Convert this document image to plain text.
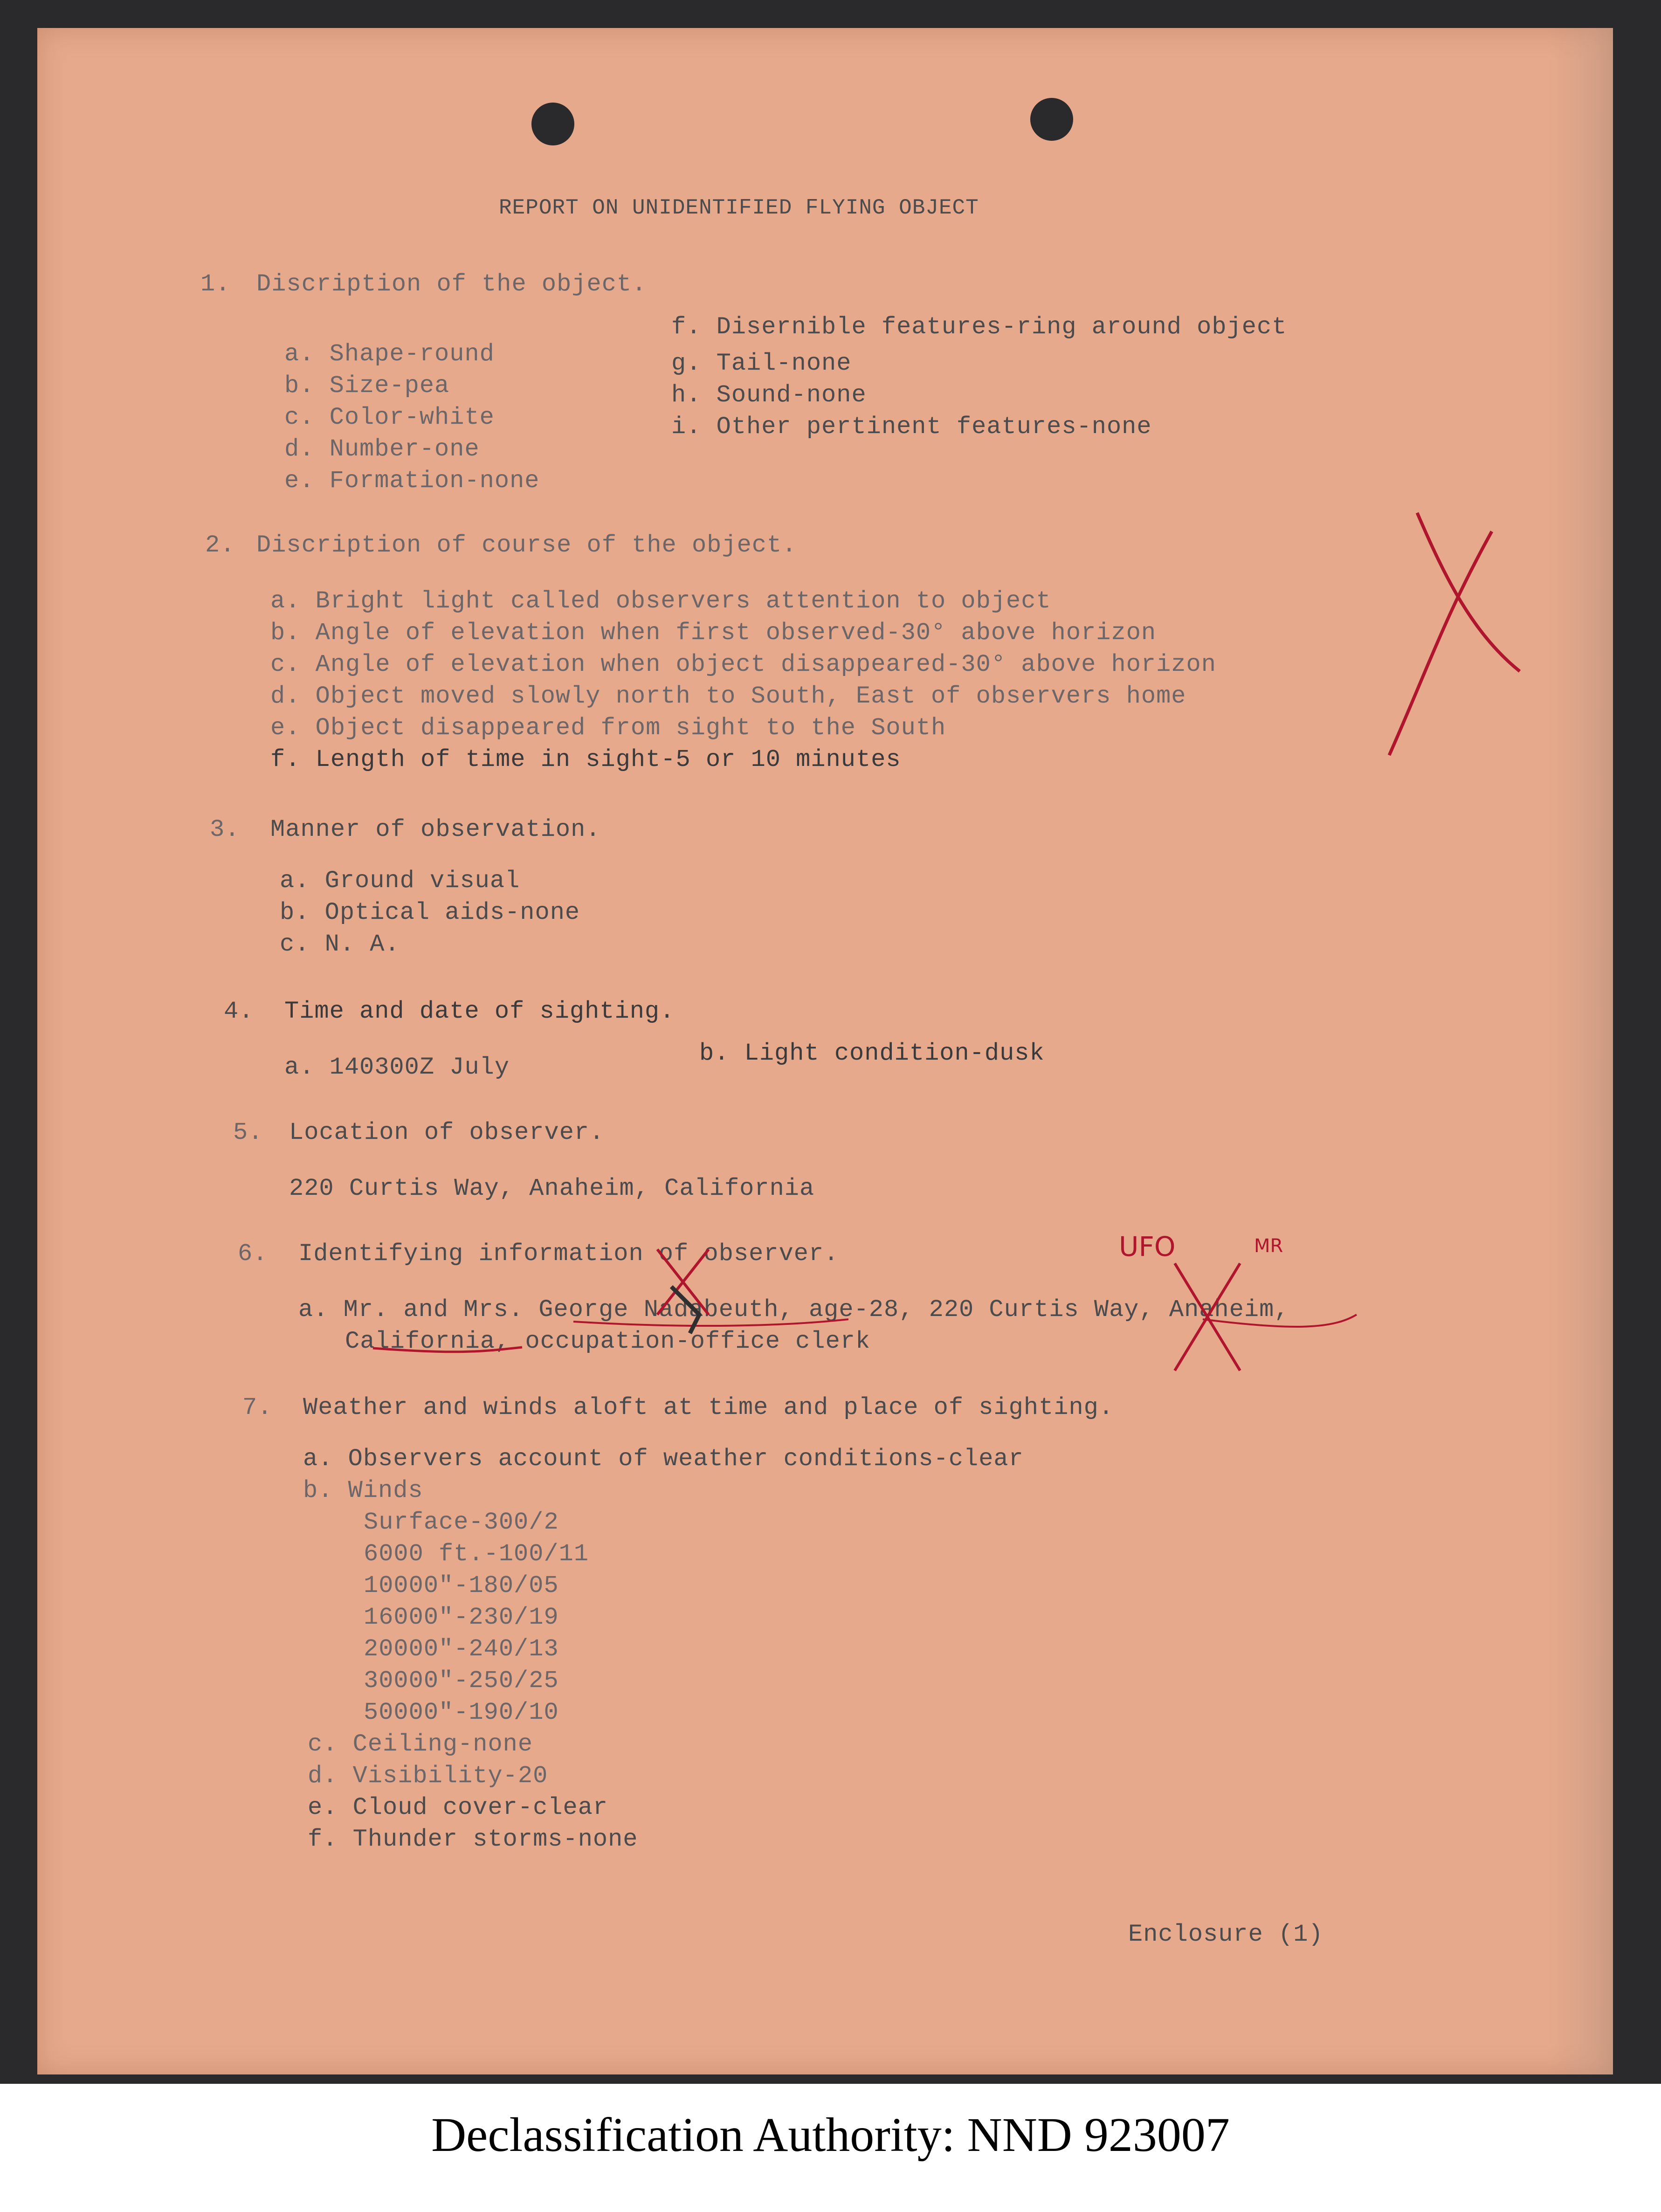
REPORT ON UNIDENTIFIED FLYING OBJECT
1. Discription of the object.
a. Shape-round
b. Size-pea
c. Color-white
d. Number-one
e. Formation-none
f. Disernible features-ring around object
g. Tail-none
h. Sound-none
i. Other pertinent features-none
2. Discription of course of the object.
a. Bright light called observers attention to object
b. Angle of elevation when first observed-30° above horizon
c. Angle of elevation when object disappeared-30° above horizon
d. Object moved slowly north to South, East of observers home
e. Object disappeared from sight to the South
f. Length of time in sight-5 or 10 minutes
3. Manner of observation.
a. Ground visual
b. Optical aids-none
c. N. A.
4. Time and date of sighting.
a. 140300Z July
b. Light condition-dusk
5. Location of observer.
220 Curtis Way, Anaheim, California
6. Identifying information of observer.
a. Mr. and Mrs. George Nadabeuth, age-28, 220 Curtis Way, Anaheim,
California, occupation-office clerk
7. Weather and winds aloft at time and place of sighting.
a. Observers account of weather conditions-clear
b. Winds
Surface-300/2
6000 ft.-100/11
10000"-180/05
16000"-230/19
20000"-240/13
30000"-250/25
50000"-190/10
c. Ceiling-none
d. Visibility-20
e. Cloud cover-clear
f. Thunder storms-none
Enclosure (1)
UFO	MR
Declassification Authority: NND 923007
